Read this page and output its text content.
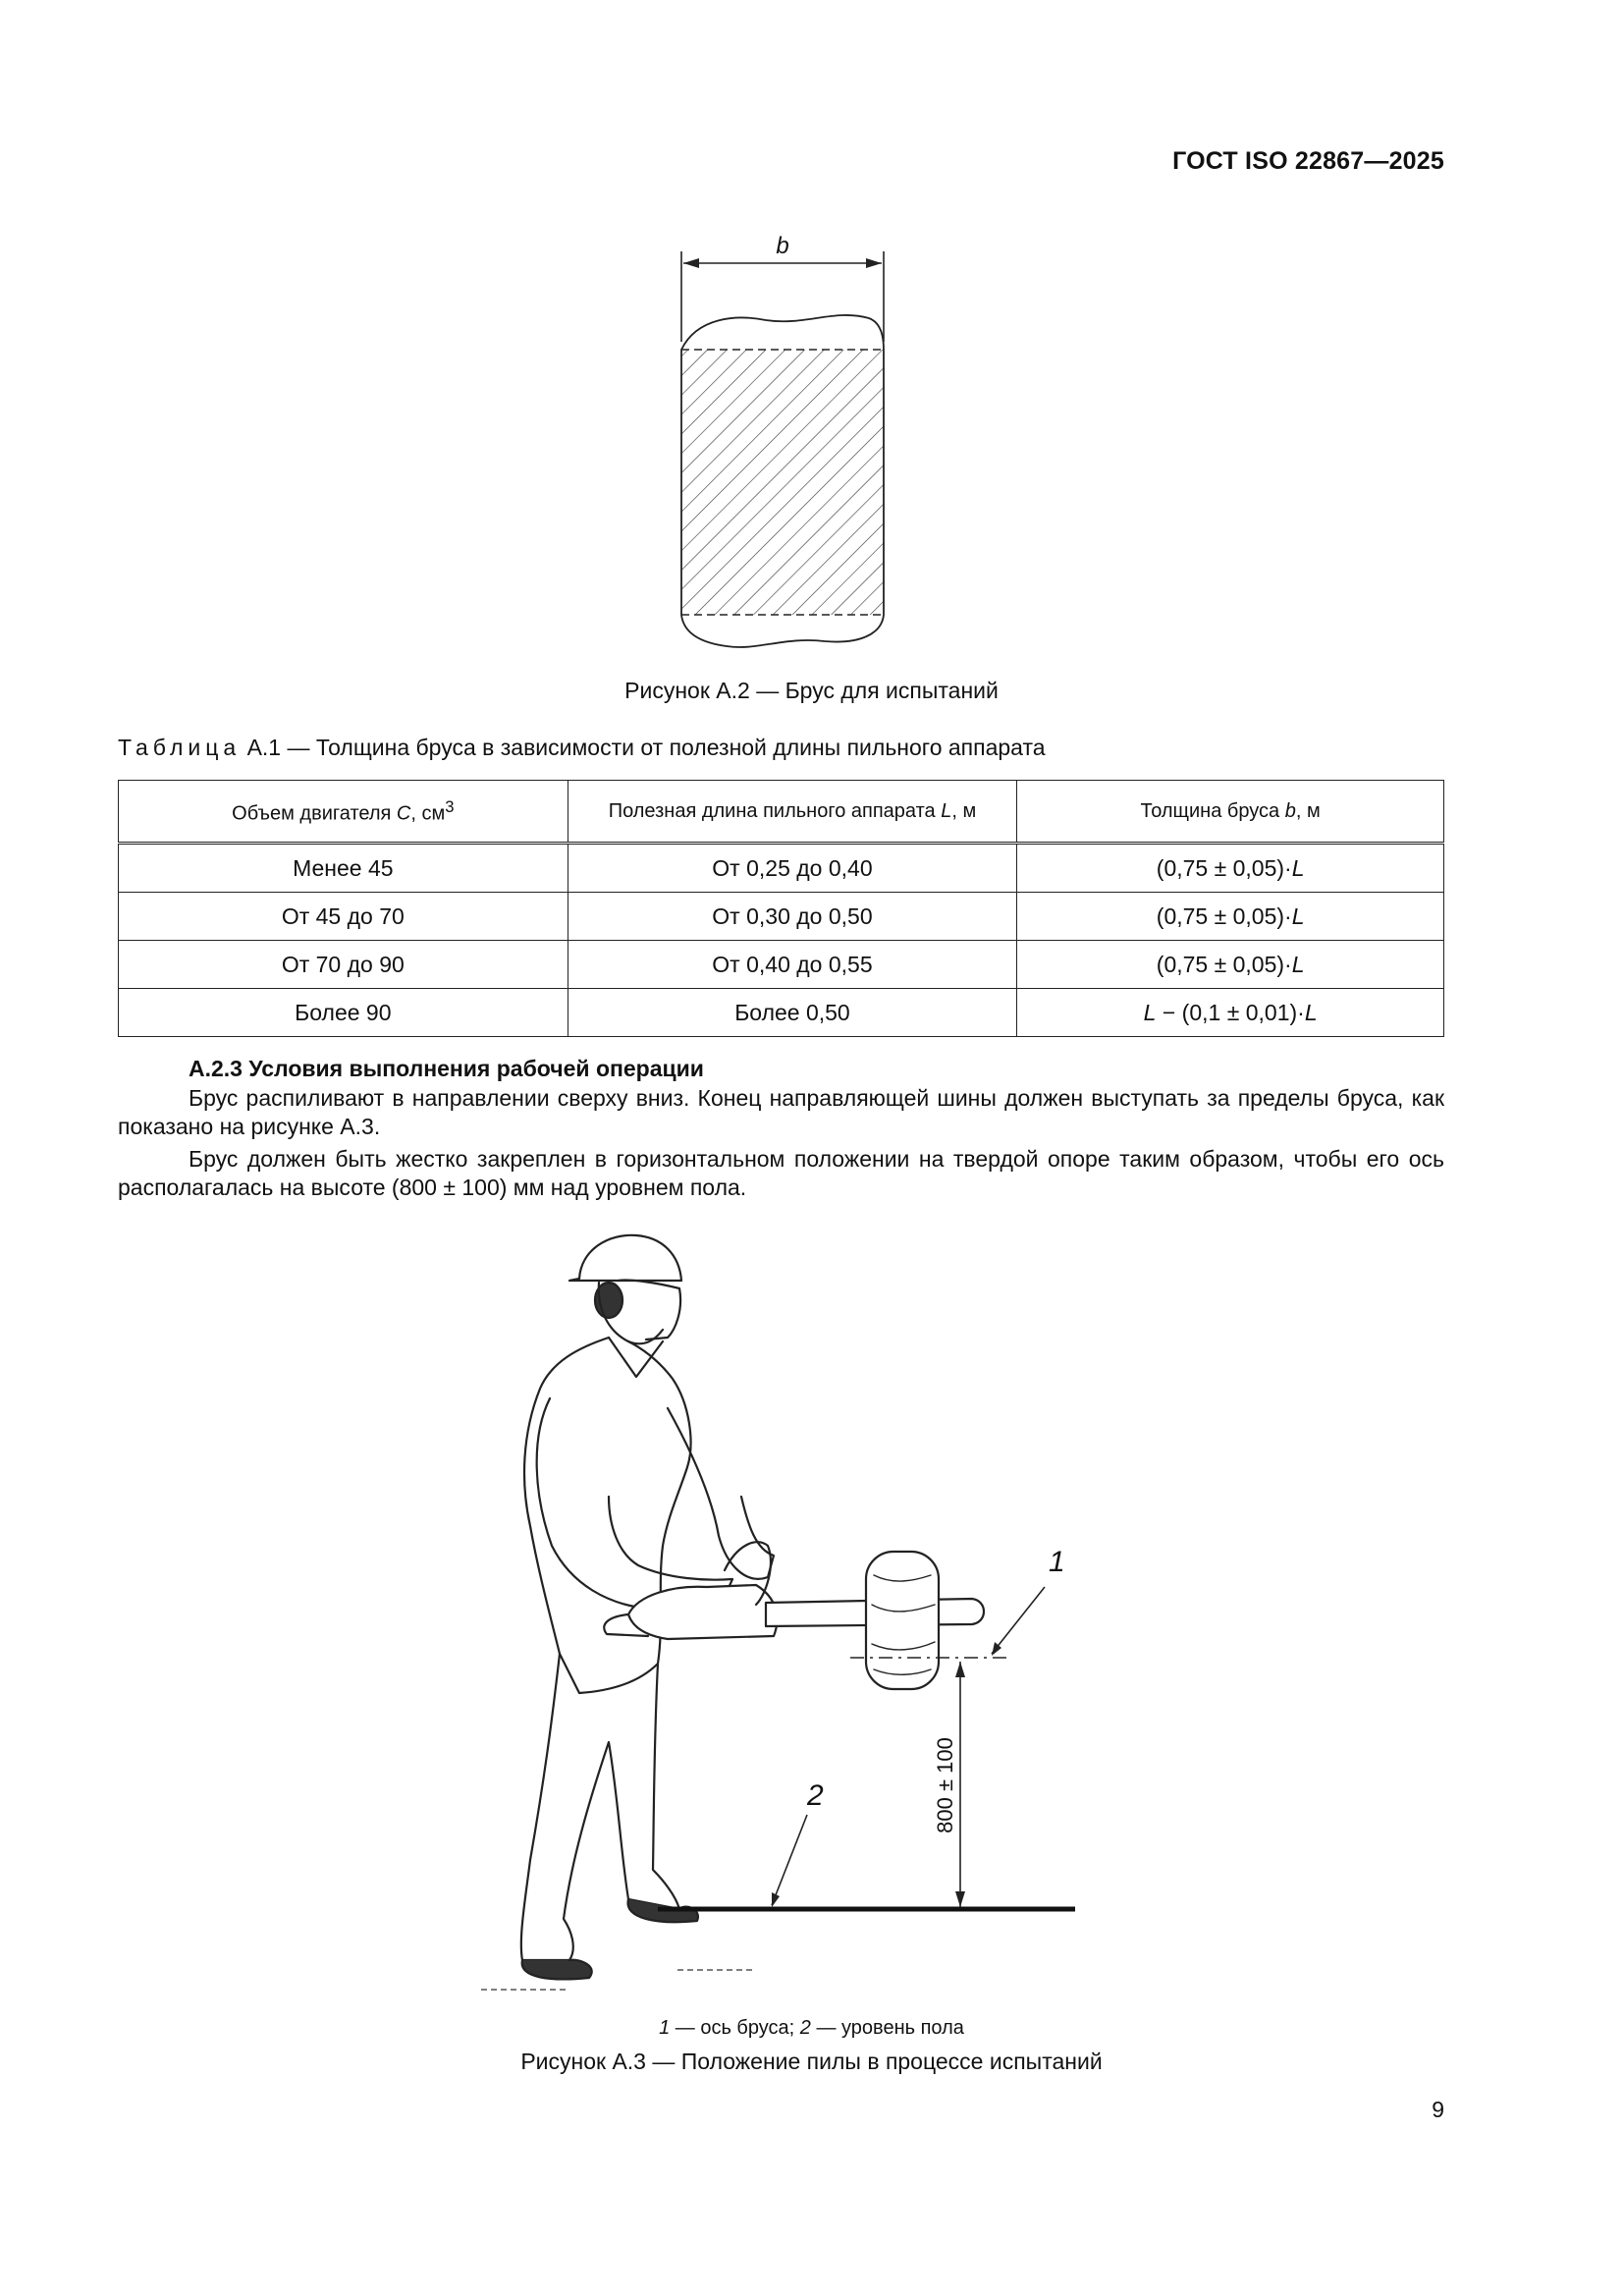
ГОСТ ISO 22867—2025
b
Рисунок А.2 — Брус для испытаний
Таблица А.1 — Толщина бруса в зависимости от полезной длины пильного аппарата
Объем двигателя C, $см^3$	Полезная длина пильного аппарата L, м	Толщина бруса b, м
Менее 45	От 0,25 до 0,40	(0,75 ± 0,05)·L
От 45 до 70	От 0,30 до 0,50	(0,75 ± 0,05)·L
От 70 до 90	От 0,40 до 0,55	(0,75 ± 0,05)·L
Более 90	Более 0,50	L − (0,1 ± 0,01)·L
А.2.3 Условия выполнения рабочей операции
Брус распиливают в направлении сверху вниз. Конец направляющей шины должен выступать за пределы бруса, как показано на рисунке А.3.
Брус должен быть жестко закреплен в горизонтальном положении на твердой опоре таким образом, чтобы его ось располагалась на высоте (800 ± 100) мм над уровнем пола.
1
800 ± 100
2
1 — ось бруса; 2 — уровень пола
Рисунок А.3 — Положение пилы в процессе испытаний
9
